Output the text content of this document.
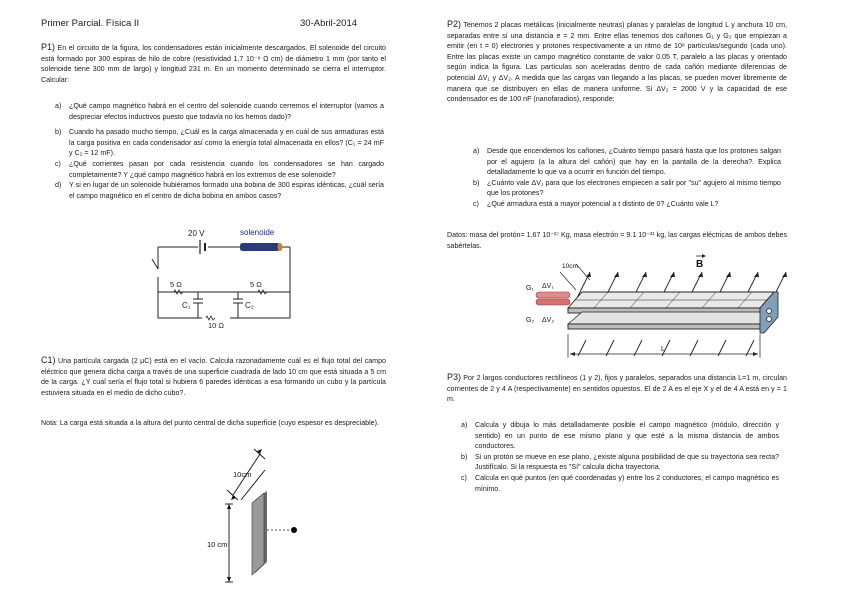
Primer Parcial. Física II	30-Abril-2014
P1) En el circuito de la figura, los condensadores están inicialmente descargados. El solenoide del circuito está formado por 300 espiras de hilo de cobre (resistividad 1.7 10⁻⁸ Ω cm) de diámetro 1 mm (por tanto el solenoide tiene 300 mm de largo) y longitud 231 m. En un momento determinado se cierra el interruptor. Calcular:
a) ¿Qué campo magnético habrá en el centro del solenoide cuando cerremos el interruptor (vamos a despreciar efectos inductivos puesto que todavía no los hemos dado)?
b) Cuando ha pasado mucho tiempo, ¿Cuál es la carga almacenada y en cuál de sus armaduras está la carga positiva en cada condensador así como la energía total almacenada en ellos? (C₁ = 24 mF y C₂ = 12 mF).
c) ¿Qué corrientes pasan por cada resistencia cuando los condensadores se han cargado completamente? Y ¿qué campo magnético habrá en los extremos de ese solenoide?
d) Y si en lugar de un solenoide hubiéramos formado una bobina de 300 espiras idénticas, ¿cuál sería el campo magnético en el centro de dicha bobina en ambos casos?
20 V	solenoide
5 Ω	5 Ω
10 Ω
C₁	C₂
C1) Una partícula cargada (2 μC) está en el vacío. Calcula razonadamente cuál es el flujo total del campo eléctrico que genera dicha carga a través de una superficie cuadrada de lado 10 cm que está situada a 5 cm de la carga. ¿Y cuál sería el flujo total si hubiera 6 paredes idénticas a esa formando un cubo y la partícula estuviera situada en el medio de dicho cubo?.
Nota: La carga está situada a la altura del punto central de dicha superficie (cuyo espesor es despreciable).
10cm
10 cm
P2) Tenemos 2 placas metálicas (inicialmente neutras) planas y paralelas de longitud L y anchura 10 cm, separadas entre sí una distancia e = 2 mm. Entre ellas tenemos dos cañones G₁ y G₂ que empiezan a emitir (en t = 0) electrones y protones respectivamente a un ritmo de 10⁸ partículas/segundo (cada uno). Entre las placas existe un campo magnético constante de valor 0.05 T, paralelo a las placas y orientado según indica la figura. Las partículas son aceleradas dentro de cada cañón mediante diferencias de potencial ΔV₁ y ΔV₂. A medida que las cargas van llegando a las placas, se pueden mover libremente de manera que se distribuyen en ellas de manera uniforme. Si ΔV₂ = 2000 V y la capacidad de ese condensador es de 100 nF (nanofaradios), responde:
a) Desde que encendemos los cañones, ¿Cuánto tiempo pasará hasta que los protones salgan por el agujero (a la altura del cañón) que hay en la pantalla de la derecha?. Explica detalladamente lo que va a ocurrir en función del tiempo.
b) ¿Cuánto vale ΔV₁ para que los electrones empiecen a salir por "su" agujero al mismo tiempo que los protones?
c) ¿Qué armadura está a mayor potencial a t distinto de 0? ¿Cuánto vale L?
Datos: masa del protón= 1.67 10⁻²⁷ Kg, masa electrón = 9.1 10⁻³¹ kg, las cargas eléctricas de ambos debes sabértelas.
B
10cm
G₁ ΔV₁
G₂ ΔV₂
L
P3) Por 2 largos conductores rectilíneos (1 y 2), fijos y paralelos, separados una distancia L=1 m, circulan corrientes de 2 y 4 A (respectivamente) en sentidos opuestos. El de 2 A es el eje X y el de 4 A está en y = 1 m.
a) Calcula y dibuja lo más detalladamente posible el campo magnético (módulo, dirección y sentido) en un punto de ese mismo plano y que esté a la misma distancia de ambos conductores.
b) Si un protón se mueve en ese plano, ¿existe alguna posibilidad de que su trayectoria sea recta? Justifícalo. Si la respuesta es "Sí" calcula dicha trayectoria.
c) Calcula en qué puntos (en qué coordenadas y) entre los 2 conductores, el campo magnético es mínimo.
